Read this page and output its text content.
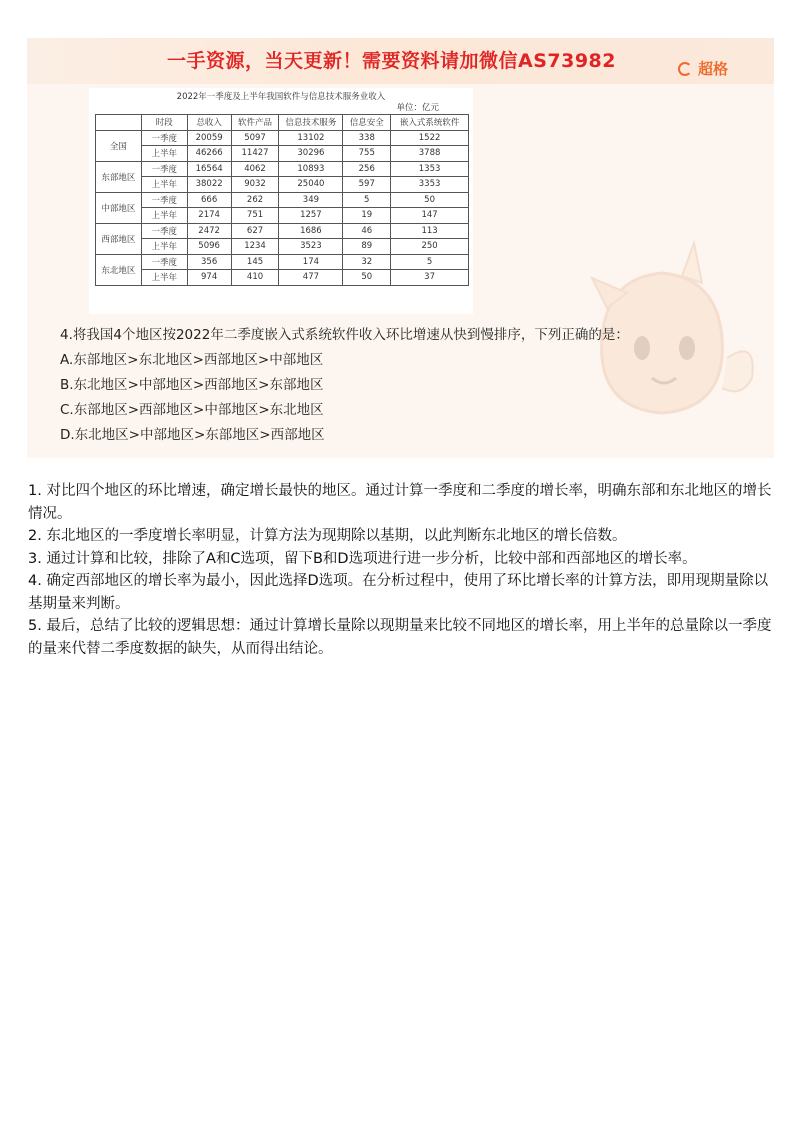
一手资源，当天更新！需要资料请加微信AS73982	超格
2022年一季度及上半年我国软件与信息技术服务业收入
单位：亿元
	时段	总收入	软件产品	信息技术服务	信息安全	嵌入式系统软件
全国	一季度	20059	5097	13102	338	1522
	上半年	46266	11427	30296	755	3788
东部地区	一季度	16564	4062	10893	256	1353
	上半年	38022	9032	25040	597	3353
中部地区	一季度	666	262	349	5	50
	上半年	2174	751	1257	19	147
西部地区	一季度	2472	627	1686	46	113
	上半年	5096	1234	3523	89	250
东北地区	一季度	356	145	174	32	5
	上半年	974	410	477	50	37
4.将我国4个地区按2022年二季度嵌入式系统软件收入环比增速从快到慢排序，下列正确的是：
A.东部地区>东北地区>西部地区>中部地区
B.东北地区>中部地区>西部地区>东部地区
C.东部地区>西部地区>中部地区>东北地区
D.东北地区>中部地区>东部地区>西部地区

1. 对比四个地区的环比增速，确定增长最快的地区。通过计算一季度和二季度的增长率，明确东部和东北地区的增长情况。

2. 东北地区的一季度增长率明显，计算方法为现期除以基期，以此判断东北地区的增长倍数。

3. 通过计算和比较，排除了A和C选项，留下B和D选项进行进一步分析，比较中部和西部地区的增长率。

4. 确定西部地区的增长率为最小，因此选择D选项。在分析过程中，使用了环比增长率的计算方法，即用现期量除以基期量来判断。

5. 最后，总结了比较的逻辑思想：通过计算增长量除以现期量来比较不同地区的增长率，用上半年的总量除以一季度的量来代替二季度数据的缺失，从而得出结论。
